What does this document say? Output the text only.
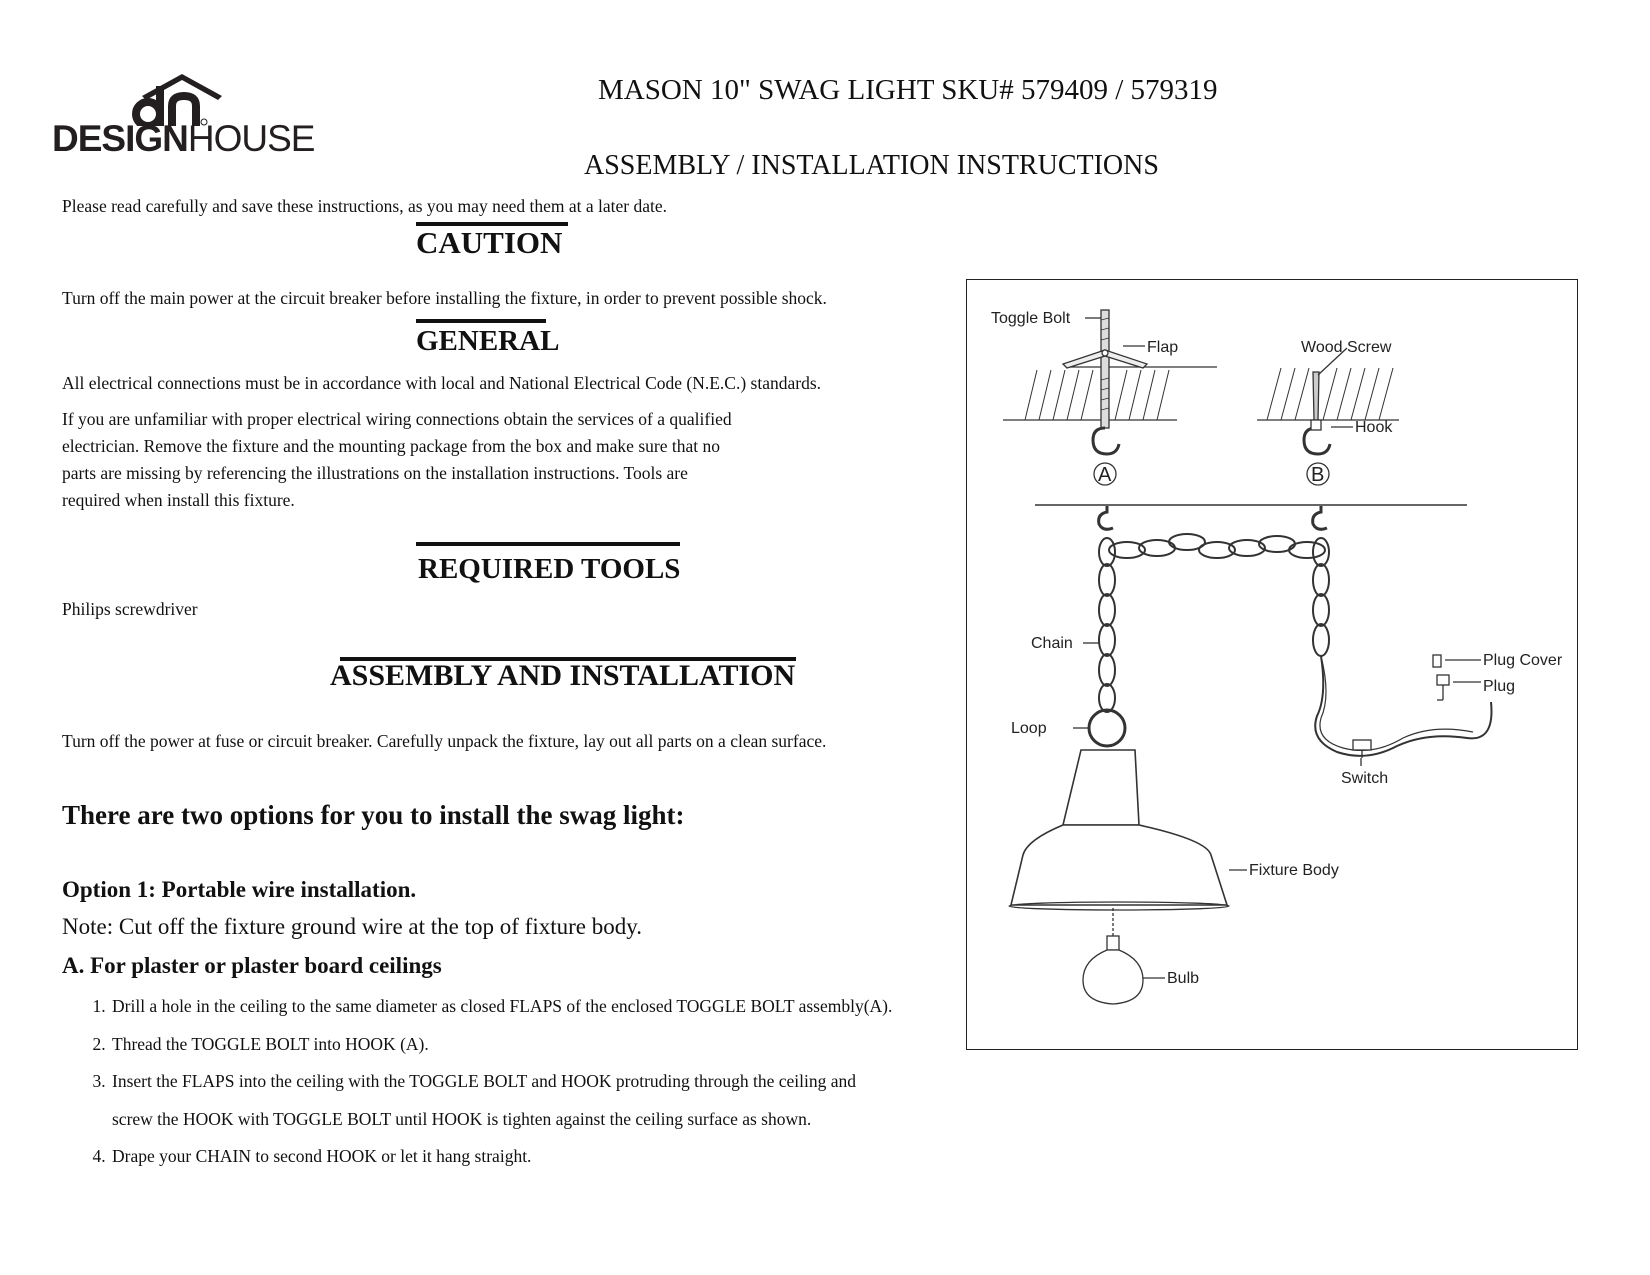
DESIGNHOUSE
MASON 10" SWAG LIGHT SKU# 579409 / 579319
ASSEMBLY / INSTALLATION INSTRUCTIONS
Please read carefully and save these instructions, as you may need them at a later date.
CAUTION
Turn off the main power at the circuit breaker before installing the fixture, in order to prevent possible shock.
GENERAL
All electrical connections must be in accordance with local and National Electrical Code (N.E.C.) standards.
If you are unfamiliar with proper electrical wiring connections obtain the services of a qualified
electrician. Remove the fixture and the mounting package from the box and make sure that no
parts are missing by referencing the illustrations on the installation instructions. Tools are
required when install this fixture.
REQUIRED TOOLS
Philips screwdriver
ASSEMBLY AND INSTALLATION
Turn off the power at fuse or circuit breaker. Carefully unpack the fixture, lay out all parts on a clean surface.
There are two options for you to install the swag light:
Option 1: Portable wire installation.
Note: Cut off the fixture ground wire at the top of fixture body.
A. For plaster or plaster board ceilings
1. Drill a hole in the ceiling to the same diameter as closed FLAPS of the enclosed TOGGLE BOLT assembly(A).
2. Thread the TOGGLE BOLT into HOOK (A).
3. Insert the FLAPS into the ceiling with the TOGGLE BOLT and HOOK protruding through the ceiling and
screw the HOOK with TOGGLE BOLT until HOOK is tighten against the ceiling surface as shown.
4. Drape your CHAIN to second HOOK or let it hang straight.
Toggle Bolt
Flap	Wood Screw
Hook
A	B
Chain
Loop
Plug Cover
Plug
Switch
Fixture Body
Bulb
